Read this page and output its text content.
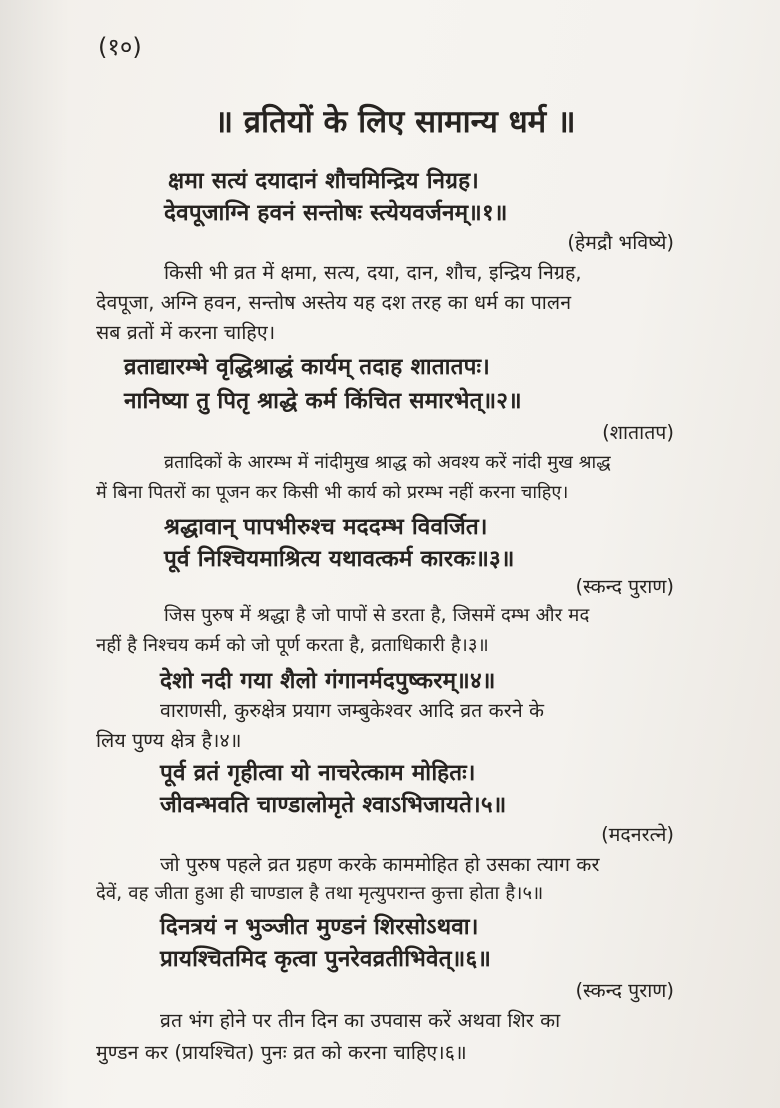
(१०)
॥ व्रतियों के लिए सामान्य धर्म ॥
क्षमा सत्यं दयादानं शौचमिन्द्रिय निग्रह।
देवपूजाग्नि हवनं सन्तोषः स्त्येयवर्जनम्॥१॥
(हेमद्रौ भविष्ये)
किसी भी व्रत में क्षमा, सत्य, दया, दान, शौच, इन्द्रिय निग्रह,
देवपूजा, अग्नि हवन, सन्तोष अस्तेय यह दश तरह का धर्म का पालन
सब व्रतों में करना चाहिए।
व्रताद्यारम्भे वृद्धिश्राद्धं कार्यम् तदाह शातातपः।
नानिष्या तु पितृ श्राद्धे कर्म किंचित समारभेत्॥२॥
(शातातप)
व्रतादिकों के आरम्भ में नांदीमुख श्राद्ध को अवश्य करें नांदी मुख श्राद्ध
में बिना पितरों का पूजन कर किसी भी कार्य को प्ररम्भ नहीं करना चाहिए।
श्रद्धावान् पापभीरुश्च मददम्भ विवर्जित।
पूर्व निश्चियमाश्रित्य यथावत्कर्म कारकः॥३॥
(स्कन्द पुराण)
जिस पुरुष में श्रद्धा है जो पापों से डरता है, जिसमें दम्भ और मद
नहीं है निश्चय कर्म को जो पूर्ण करता है, व्रताधिकारी है।३॥
देशो नदी गया शैलो गंगानर्मदपुष्करम्॥४॥
वाराणसी, कुरुक्षेत्र प्रयाग जम्बुकेश्वर आदि व्रत करने के
लिय पुण्य क्षेत्र है।४॥
पूर्व व्रतं गृहीत्वा यो नाचरेत्काम मोहितः।
जीवन्भवति चाण्डालोमृते श्वाऽभिजायते।५॥
(मदनरत्ने)
जो पुरुष पहले व्रत ग्रहण करके काममोहित हो उसका त्याग कर
देवें, वह जीता हुआ ही चाण्डाल है तथा मृत्युपरान्त कुत्ता होता है।५॥
दिनत्रयं न भुञ्जीत मुण्डनं शिरसोऽथवा।
प्रायश्चितमिद कृत्वा पुनरेवव्रतीभिवेत्॥६॥
(स्कन्द पुराण)
व्रत भंग होने पर तीन दिन का उपवास करें अथवा शिर का
मुण्डन कर (प्रायश्चित) पुनः व्रत को करना चाहिए।६॥
